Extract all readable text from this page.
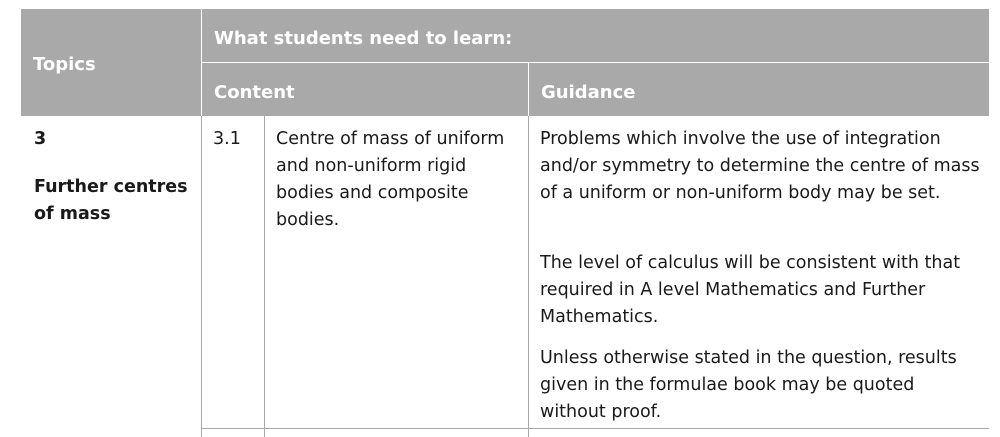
Topics
What students need to learn:
Content	Guidance
3
Further centres of mass
3.1 Centre of mass of uniform and non-uniform rigid bodies and composite bodies.
Problems which involve the use of integration and/or symmetry to determine the centre of mass of a uniform or non-uniform body may be set.
The level of calculus will be consistent with that required in A level Mathematics and Further Mathematics.
Unless otherwise stated in the question, results given in the formulae book may be quoted without proof.
